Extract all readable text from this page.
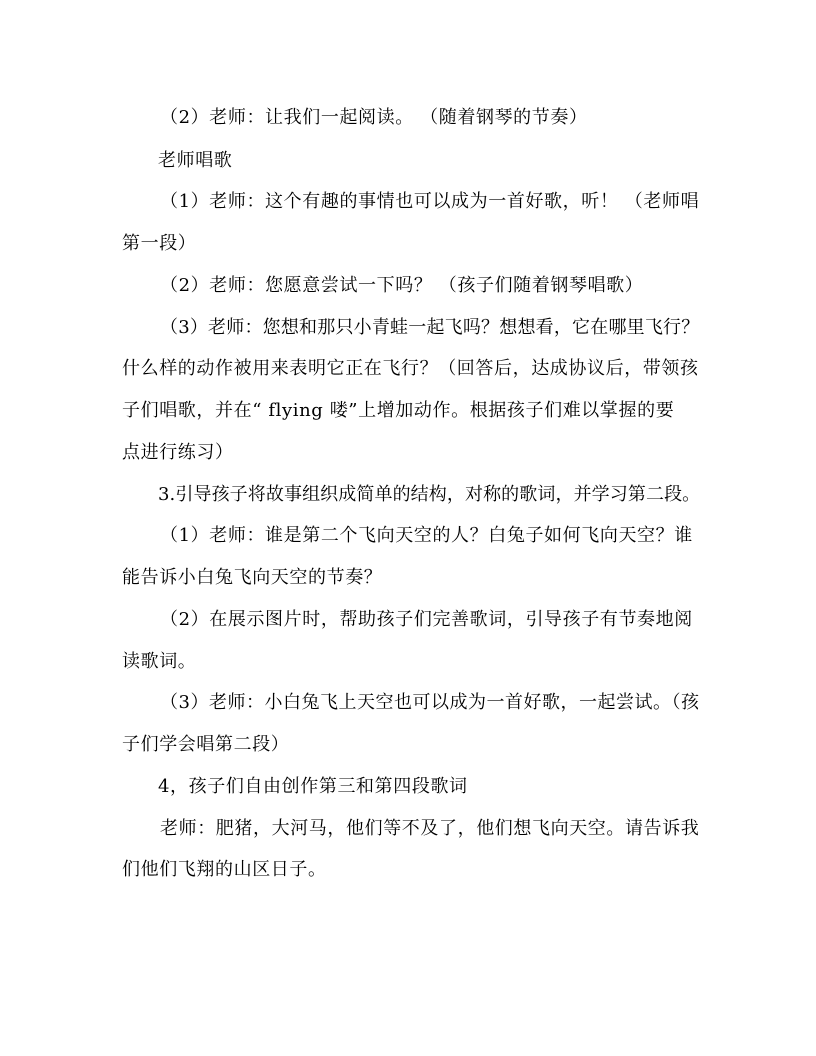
（2）老师：让我们一起阅读。 （随着钢琴的节奏）
老师唱歌
（1）老师：这个有趣的事情也可以成为一首好歌，听！ （老师唱
第一段）
（2）老师：您愿意尝试一下吗？ （孩子们随着钢琴唱歌）
（3）老师：您想和那只小青蛙一起飞吗？想想看，它在哪里飞行？
什么样的动作被用来表明它正在飞行？（回答后，达成协议后，带领孩
子们唱歌，并在“ flying 喽”上增加动作。根据孩子们难以掌握的要
点进行练习）
3.引导孩子将故事组织成简单的结构，对称的歌词，并学习第二段。
（1）老师：谁是第二个飞向天空的人？白兔子如何飞向天空？谁
能告诉小白兔飞向天空的节奏？
（2）在展示图片时，帮助孩子们完善歌词，引导孩子有节奏地阅
读歌词。
（3）老师：小白兔飞上天空也可以成为一首好歌，一起尝试。（孩
子们学会唱第二段）
4，孩子们自由创作第三和第四段歌词
老师：肥猪，大河马，他们等不及了，他们想飞向天空。请告诉我
们他们飞翔的山区日子。
